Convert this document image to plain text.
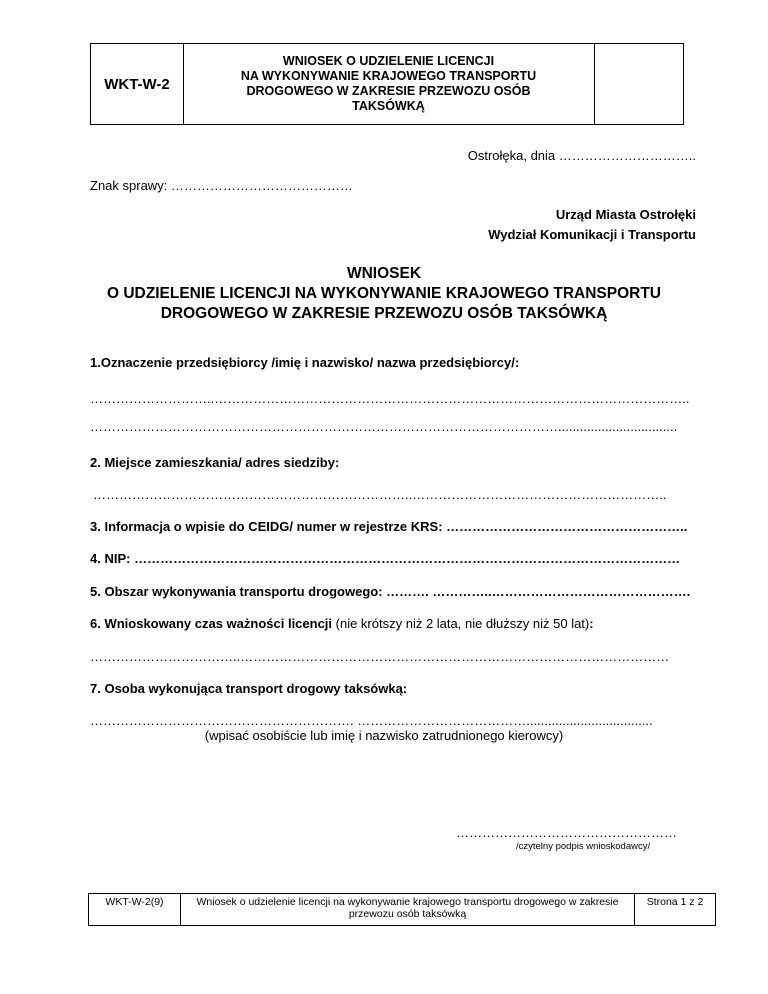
WKT-W-2
WNIOSEK O UDZIELENIE LICENCJI
NA WYKONYWANIE KRAJOWEGO TRANSPORTU
DROGOWEGO W ZAKRESIE PRZEWOZU OSÓB
TAKSÓWKĄ
Ostrołęka, dnia …………………………..
Znak sprawy: ……………………………………
Urząd Miasta Ostrołęki
Wydział Komunikacji i Transportu
WNIOSEK
O UDZIELENIE LICENCJI NA WYKONYWANIE KRAJOWEGO TRANSPORTU
DROGOWEGO W ZAKRESIE PRZEWOZU OSÓB TAKSÓWKĄ
1.Oznaczenie przedsiębiorcy /imię i nazwisko/ nazwa przedsiębiorcy/:
………………………..………………………………………………………………………………………………..
……………………………………………………………………………………………….................................
2. Miejsce zamieszkania/ adres siedziby:
………………………………………………………………..…………………………………………………..
3. Informacja o wpisie do CEIDG/ numer w rejestrze KRS: ………………………………………………..
4. NIP: ………………………………………………………………………………………………………………
5. Obszar wykonywania transportu drogowego: ………. …………..……………………………………….
6. Wnioskowany czas ważności licencji (nie krótszy niż 2 lata, nie dłuższy niż 50 lat):
……………………………..………………………………………………………………………………………
7. Osoba wykonująca transport drogowy taksówką:
……………………………………………………. …………………………………...................................
(wpisać osobiście lub imię i nazwisko zatrudnionego kierowcy)
……………………………………………
/czytelny podpis wnioskodawcy/
WKT-W-2(9)	Wniosek o udzielenie licencji na wykonywanie krajowego transportu drogowego w zakresie
przewozu osób taksówką
Strona 1 z 2
